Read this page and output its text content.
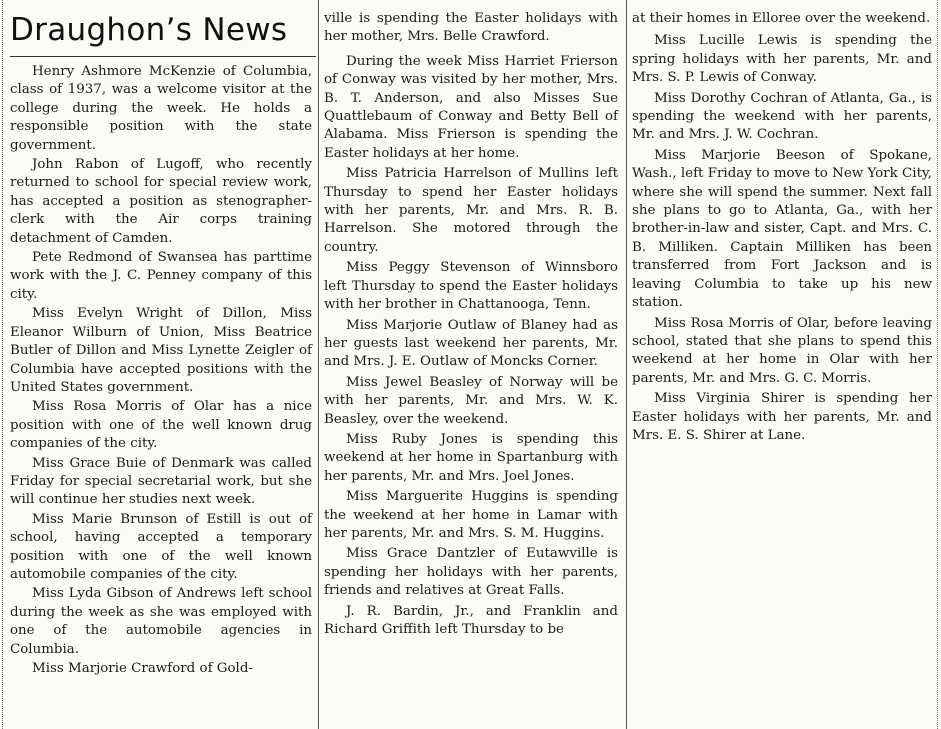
Draughon’s News

Henry Ashmore McKenzie of Columbia, class of 1937, was a welcome visitor at the college during the week. He holds a responsible position with the state government.

John Rabon of Lugoff, who recently returned to school for special review work, has accepted a position as stenographer-clerk with the Air corps training detachment of Camden.

Pete Redmond of Swansea has parttime work with the J. C. Penney company of this city.

Miss Evelyn Wright of Dillon, Miss Eleanor Wilburn of Union, Miss Beatrice Butler of Dillon and Miss Lynette Zeigler of Columbia have accepted positions with the United States government.

Miss Rosa Morris of Olar has a nice position with one of the well known drug companies of the city.

Miss Grace Buie of Denmark was called Friday for special secretarial work, but she will continue her studies next week.

Miss Marie Brunson of Estill is out of school, having accepted a temporary position with one of the well known automobile companies of the city.

Miss Lyda Gibson of Andrews left school during the week as she was employed with one of the automobile agencies in Columbia.

Miss Marjorie Crawford of Gold-

ville is spending the Easter holidays with her mother, Mrs. Belle Crawford.

During the week Miss Harriet Frierson of Conway was visited by her mother, Mrs. B. T. Anderson, and also Misses Sue Quattlebaum of Conway and Betty Bell of Alabama. Miss Frierson is spending the Easter holidays at her home.

Miss Patricia Harrelson of Mullins left Thursday to spend her Easter holidays with her parents, Mr. and Mrs. R. B. Harrelson. She motored through the country.

Miss Peggy Stevenson of Winnsboro left Thursday to spend the Easter holidays with her brother in Chattanooga, Tenn.

Miss Marjorie Outlaw of Blaney had as her guests last weekend her parents, Mr. and Mrs. J. E. Outlaw of Moncks Corner.

Miss Jewel Beasley of Norway will be with her parents, Mr. and Mrs. W. K. Beasley, over the weekend.

Miss Ruby Jones is spending this weekend at her home in Spartanburg with her parents, Mr. and Mrs. Joel Jones.

Miss Marguerite Huggins is spending the weekend at her home in Lamar with her parents, Mr. and Mrs. S. M. Huggins.

Miss Grace Dantzler of Eutawville is spending her holidays with her parents, friends and relatives at Great Falls.

J. R. Bardin, Jr., and Franklin and Richard Griffith left Thursday to be

at their homes in Elloree over the weekend.

Miss Lucille Lewis is spending the spring holidays with her parents, Mr. and Mrs. S. P. Lewis of Conway.

Miss Dorothy Cochran of Atlanta, Ga., is spending the weekend with her parents, Mr. and Mrs. J. W. Cochran.

Miss Marjorie Beeson of Spokane, Wash., left Friday to move to New York City, where she will spend the summer. Next fall she plans to go to Atlanta, Ga., with her brother-in-law and sister, Capt. and Mrs. C. B. Milliken. Captain Milliken has been transferred from Fort Jackson and is leaving Columbia to take up his new station.

Miss Rosa Morris of Olar, before leaving school, stated that she plans to spend this weekend at her home in Olar with her parents, Mr. and Mrs. G. C. Morris.

Miss Virginia Shirer is spending her Easter holidays with her parents, Mr. and Mrs. E. S. Shirer at Lane.
